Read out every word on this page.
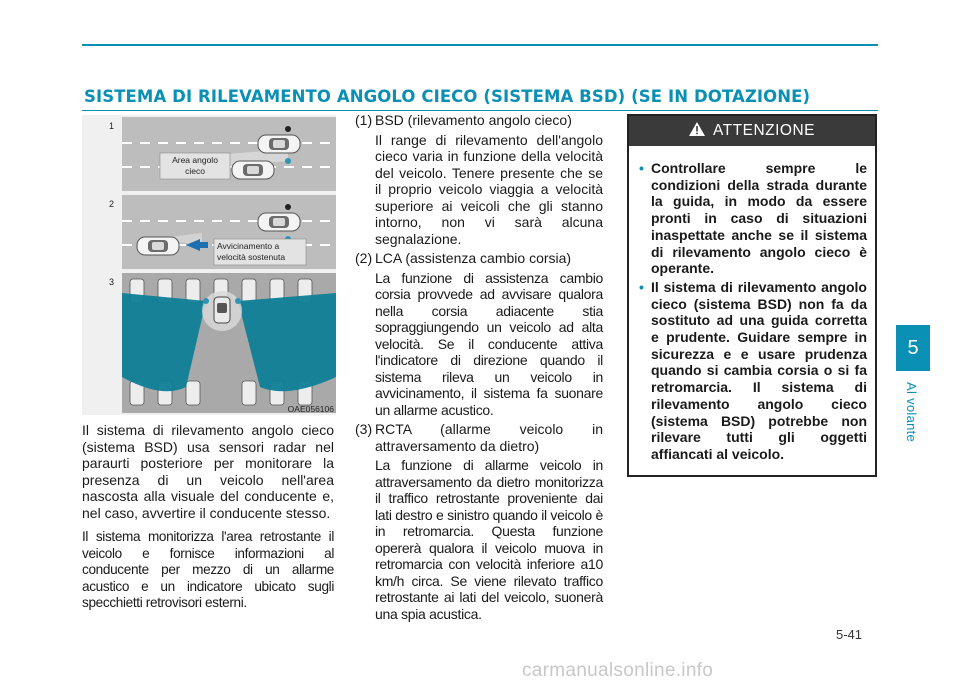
SISTEMA DI RILEVAMENTO ANGOLO CIECO (SISTEMA BSD) (SE IN DOTAZIONE)
Area angolo
cieco
1
Avvicinamento a
velocità sostenuta
2
3
OAE056106

Il sistema di rilevamento angolo cieco (sistema BSD) usa sensori radar nel paraurti posteriore per monitorare la presenza di un veicolo nell'area nascosta alla visuale del conducente e, nel caso, avvertire il conducente stesso.

Il sistema monitorizza l'area retrostante il veicolo e fornisce informazioni al conducente per mezzo di un allarme acustico e un indicatore ubicato sugli specchietti retrovisori esterni.

(1) BSD (rilevamento angolo cieco)
Il range di rilevamento dell'angolo cieco varia in funzione della velocità del veicolo. Tenere presente che se il proprio veicolo viaggia a velocità superiore ai veicoli che gli stanno intorno, non vi sarà alcuna segnalazione.
(2) LCA (assistenza cambio corsia)
La funzione di assistenza cambio corsia provvede ad avvisare qualora nella corsia adiacente stia sopraggiungendo un veicolo ad alta velocità. Se il conducente attiva l'indicatore di direzione quando il sistema rileva un veicolo in avvicinamento, il sistema fa suonare un allarme acustico.
(3) RCTA (allarme veicolo in attraversamento da dietro)
La funzione di allarme veicolo in attraversamento da dietro monitorizza il traffico retrostante proveniente dai lati destro e sinistro quando il veicolo è in retromarcia. Questa funzione opererà qualora il veicolo muova in retromarcia con velocità inferiore a10 km/h circa. Se viene rilevato traffico retrostante ai lati del veicolo, suonerà una spia acustica.
ATTENZIONE
• Controllare sempre le condizioni della strada durante la guida, in modo da essere pronti in caso di situazioni inaspettate anche se il sistema di rilevamento angolo cieco è operante.
• Il sistema di rilevamento angolo cieco (sistema BSD) non fa da sostituto ad una guida corretta e prudente. Guidare sempre in sicurezza e e usare prudenza quando si cambia corsia o si fa retromarcia. Il sistema di rilevamento angolo cieco (sistema BSD) potrebbe non rilevare tutti gli oggetti affiancati al veicolo.
5
Al volante
5-41
carmanualsonline.info
